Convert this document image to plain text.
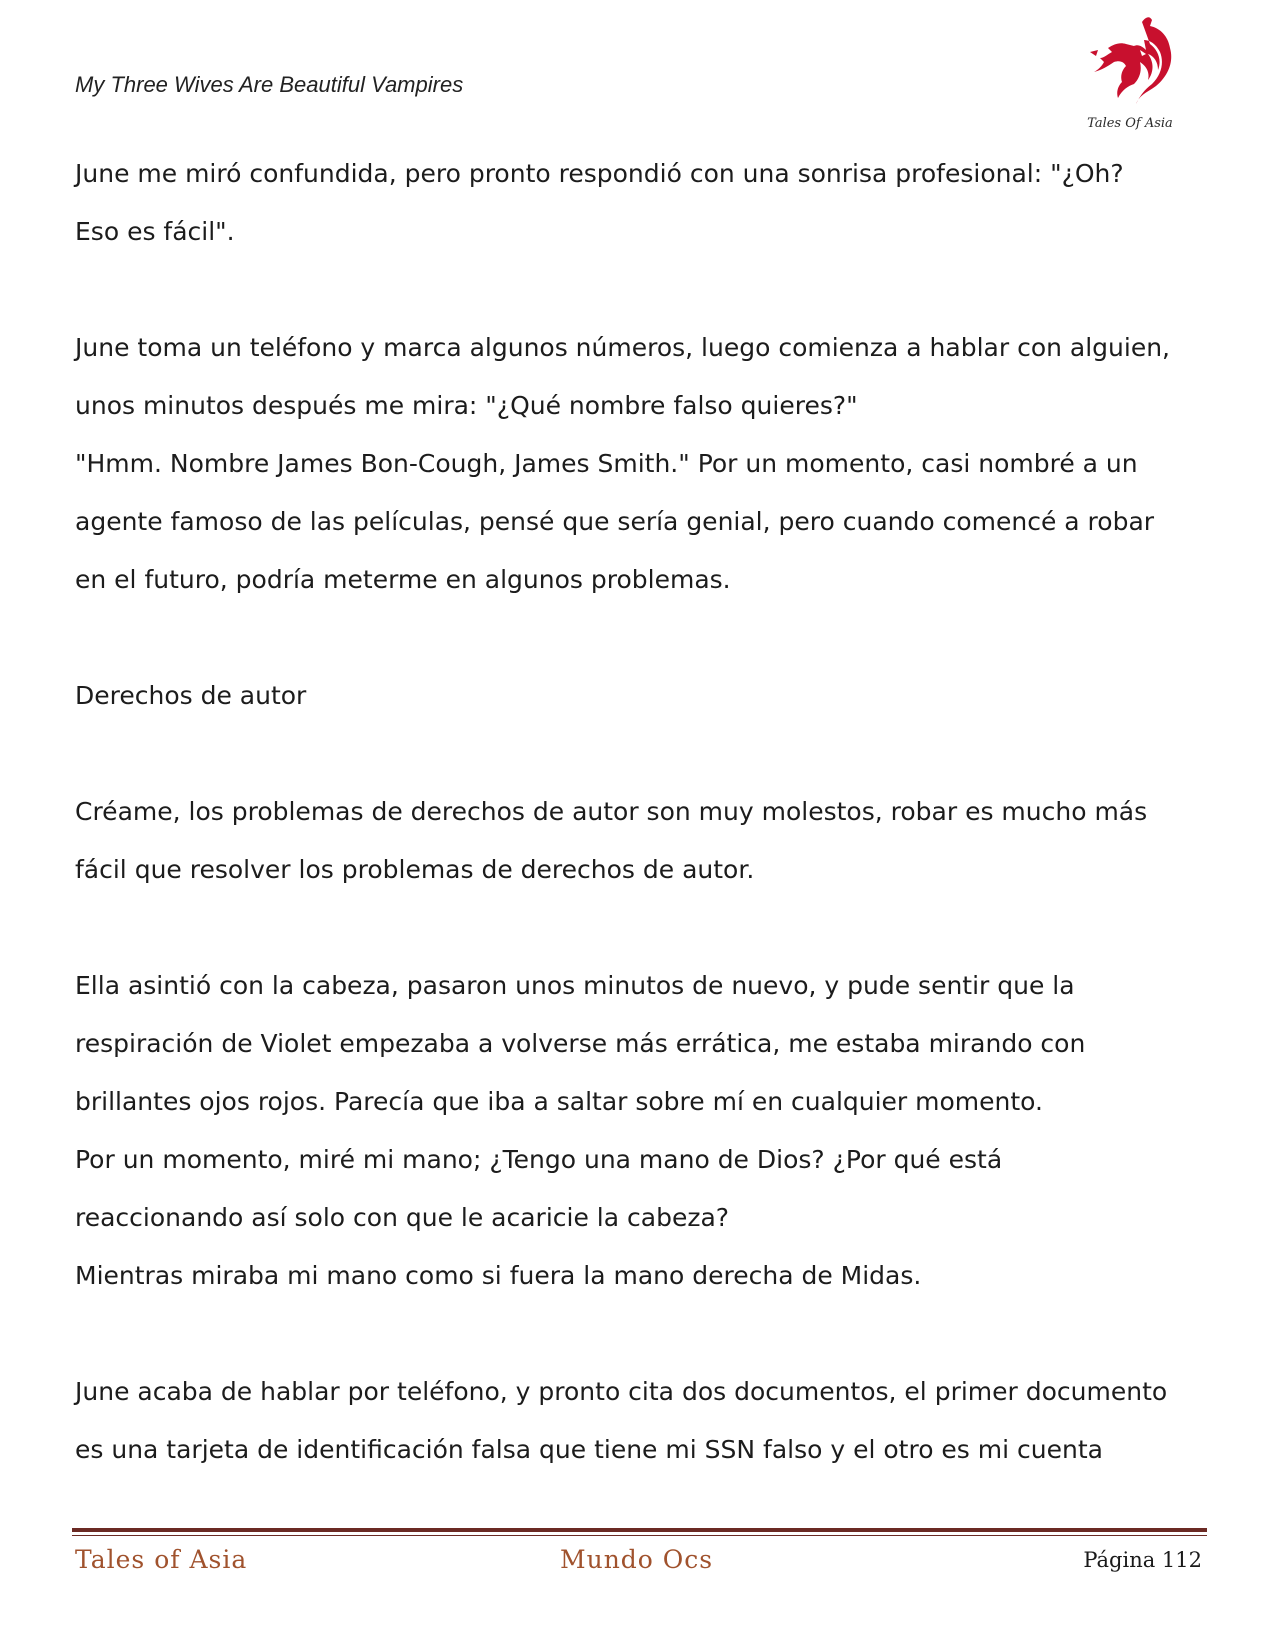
My Three Wives Are Beautiful Vampires
Tales Of Asia

June me miró confundida, pero pronto respondió con una sonrisa profesional: "¿Oh?
Eso es fácil".

June toma un teléfono y marca algunos números, luego comienza a hablar con alguien,
unos minutos después me mira: "¿Qué nombre falso quieres?"
"Hmm. Nombre James Bon-Cough, James Smith." Por un momento, casi nombré a un
agente famoso de las películas, pensé que sería genial, pero cuando comencé a robar
en el futuro, podría meterme en algunos problemas.

Derechos de autor

Créame, los problemas de derechos de autor son muy molestos, robar es mucho más
fácil que resolver los problemas de derechos de autor.

Ella asintió con la cabeza, pasaron unos minutos de nuevo, y pude sentir que la
respiración de Violet empezaba a volverse más errática, me estaba mirando con
brillantes ojos rojos. Parecía que iba a saltar sobre mí en cualquier momento.
Por un momento, miré mi mano; ¿Tengo una mano de Dios? ¿Por qué está
reaccionando así solo con que le acaricie la cabeza?
Mientras miraba mi mano como si fuera la mano derecha de Midas.

June acaba de hablar por teléfono, y pronto cita dos documentos, el primer documento
es una tarjeta de identificación falsa que tiene mi SSN falso y el otro es mi cuenta

Tales of Asia	Mundo Ocs	Página 112
